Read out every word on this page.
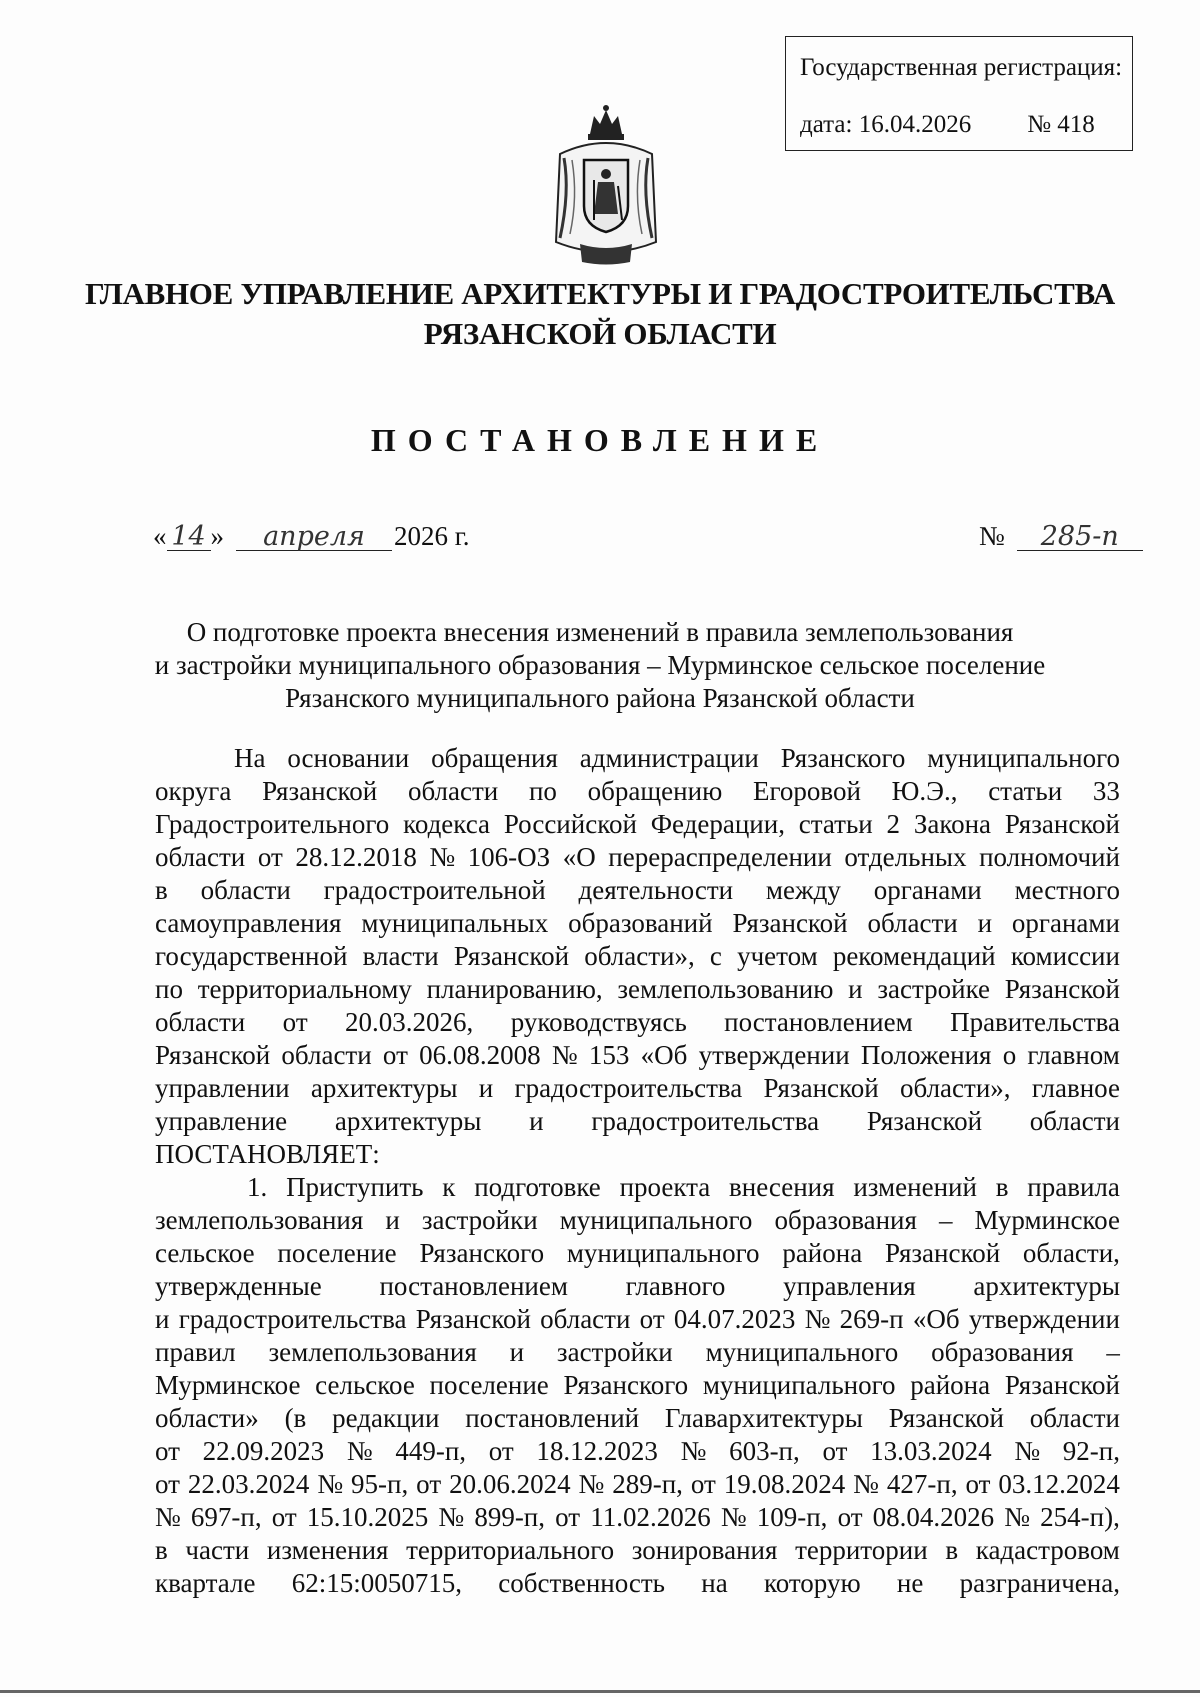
Государственная регистрация:
дата: 16.04.2026 № 418
ГЛАВНОЕ УПРАВЛЕНИЕ АРХИТЕКТУРЫ И ГРАДОСТРОИТЕЛЬСТВА
РЯЗАНСКОЙ ОБЛАСТИ
ПОСТАНОВЛЕНИЕ
« 14 » апреля 2026 г.	№ 285-п
О подготовке проекта внесения изменений в правила землепользования
и застройки муниципального образования – Мурминское сельское поселение
Рязанского муниципального района Рязанской области
На основании обращения администрации Рязанского муниципального
округа Рязанской области по обращению Егоровой Ю.Э., статьи 33
Градостроительного кодекса Российской Федерации, статьи 2 Закона Рязанской
области от 28.12.2018 № 106-ОЗ «О перераспределении отдельных полномочий
в области градостроительной деятельности между органами местного
самоуправления муниципальных образований Рязанской области и органами
государственной власти Рязанской области», с учетом рекомендаций комиссии
по территориальному планированию, землепользованию и застройке Рязанской
области от 20.03.2026, руководствуясь постановлением Правительства
Рязанской области от 06.08.2008 № 153 «Об утверждении Положения о главном
управлении архитектуры и градостроительства Рязанской области», главное
управление архитектуры и градостроительства Рязанской области
ПОСТАНОВЛЯЕТ:
1. Приступить к подготовке проекта внесения изменений в правила
землепользования и застройки муниципального образования – Мурминское
сельское поселение Рязанского муниципального района Рязанской области,
утвержденные постановлением главного управления архитектуры
и градостроительства Рязанской области от 04.07.2023 № 269-п «Об утверждении
правил землепользования и застройки муниципального образования –
Мурминское сельское поселение Рязанского муниципального района Рязанской
области» (в редакции постановлений Главархитектуры Рязанской области
от 22.09.2023 № 449-п, от 18.12.2023 № 603-п, от 13.03.2024 № 92-п,
от 22.03.2024 № 95-п, от 20.06.2024 № 289-п, от 19.08.2024 № 427-п, от 03.12.2024
№ 697-п, от 15.10.2025 № 899-п, от 11.02.2026 № 109-п, от 08.04.2026 № 254-п),
в части изменения территориального зонирования территории в кадастровом
квартале 62:15:0050715, собственность на которую не разграничена,
